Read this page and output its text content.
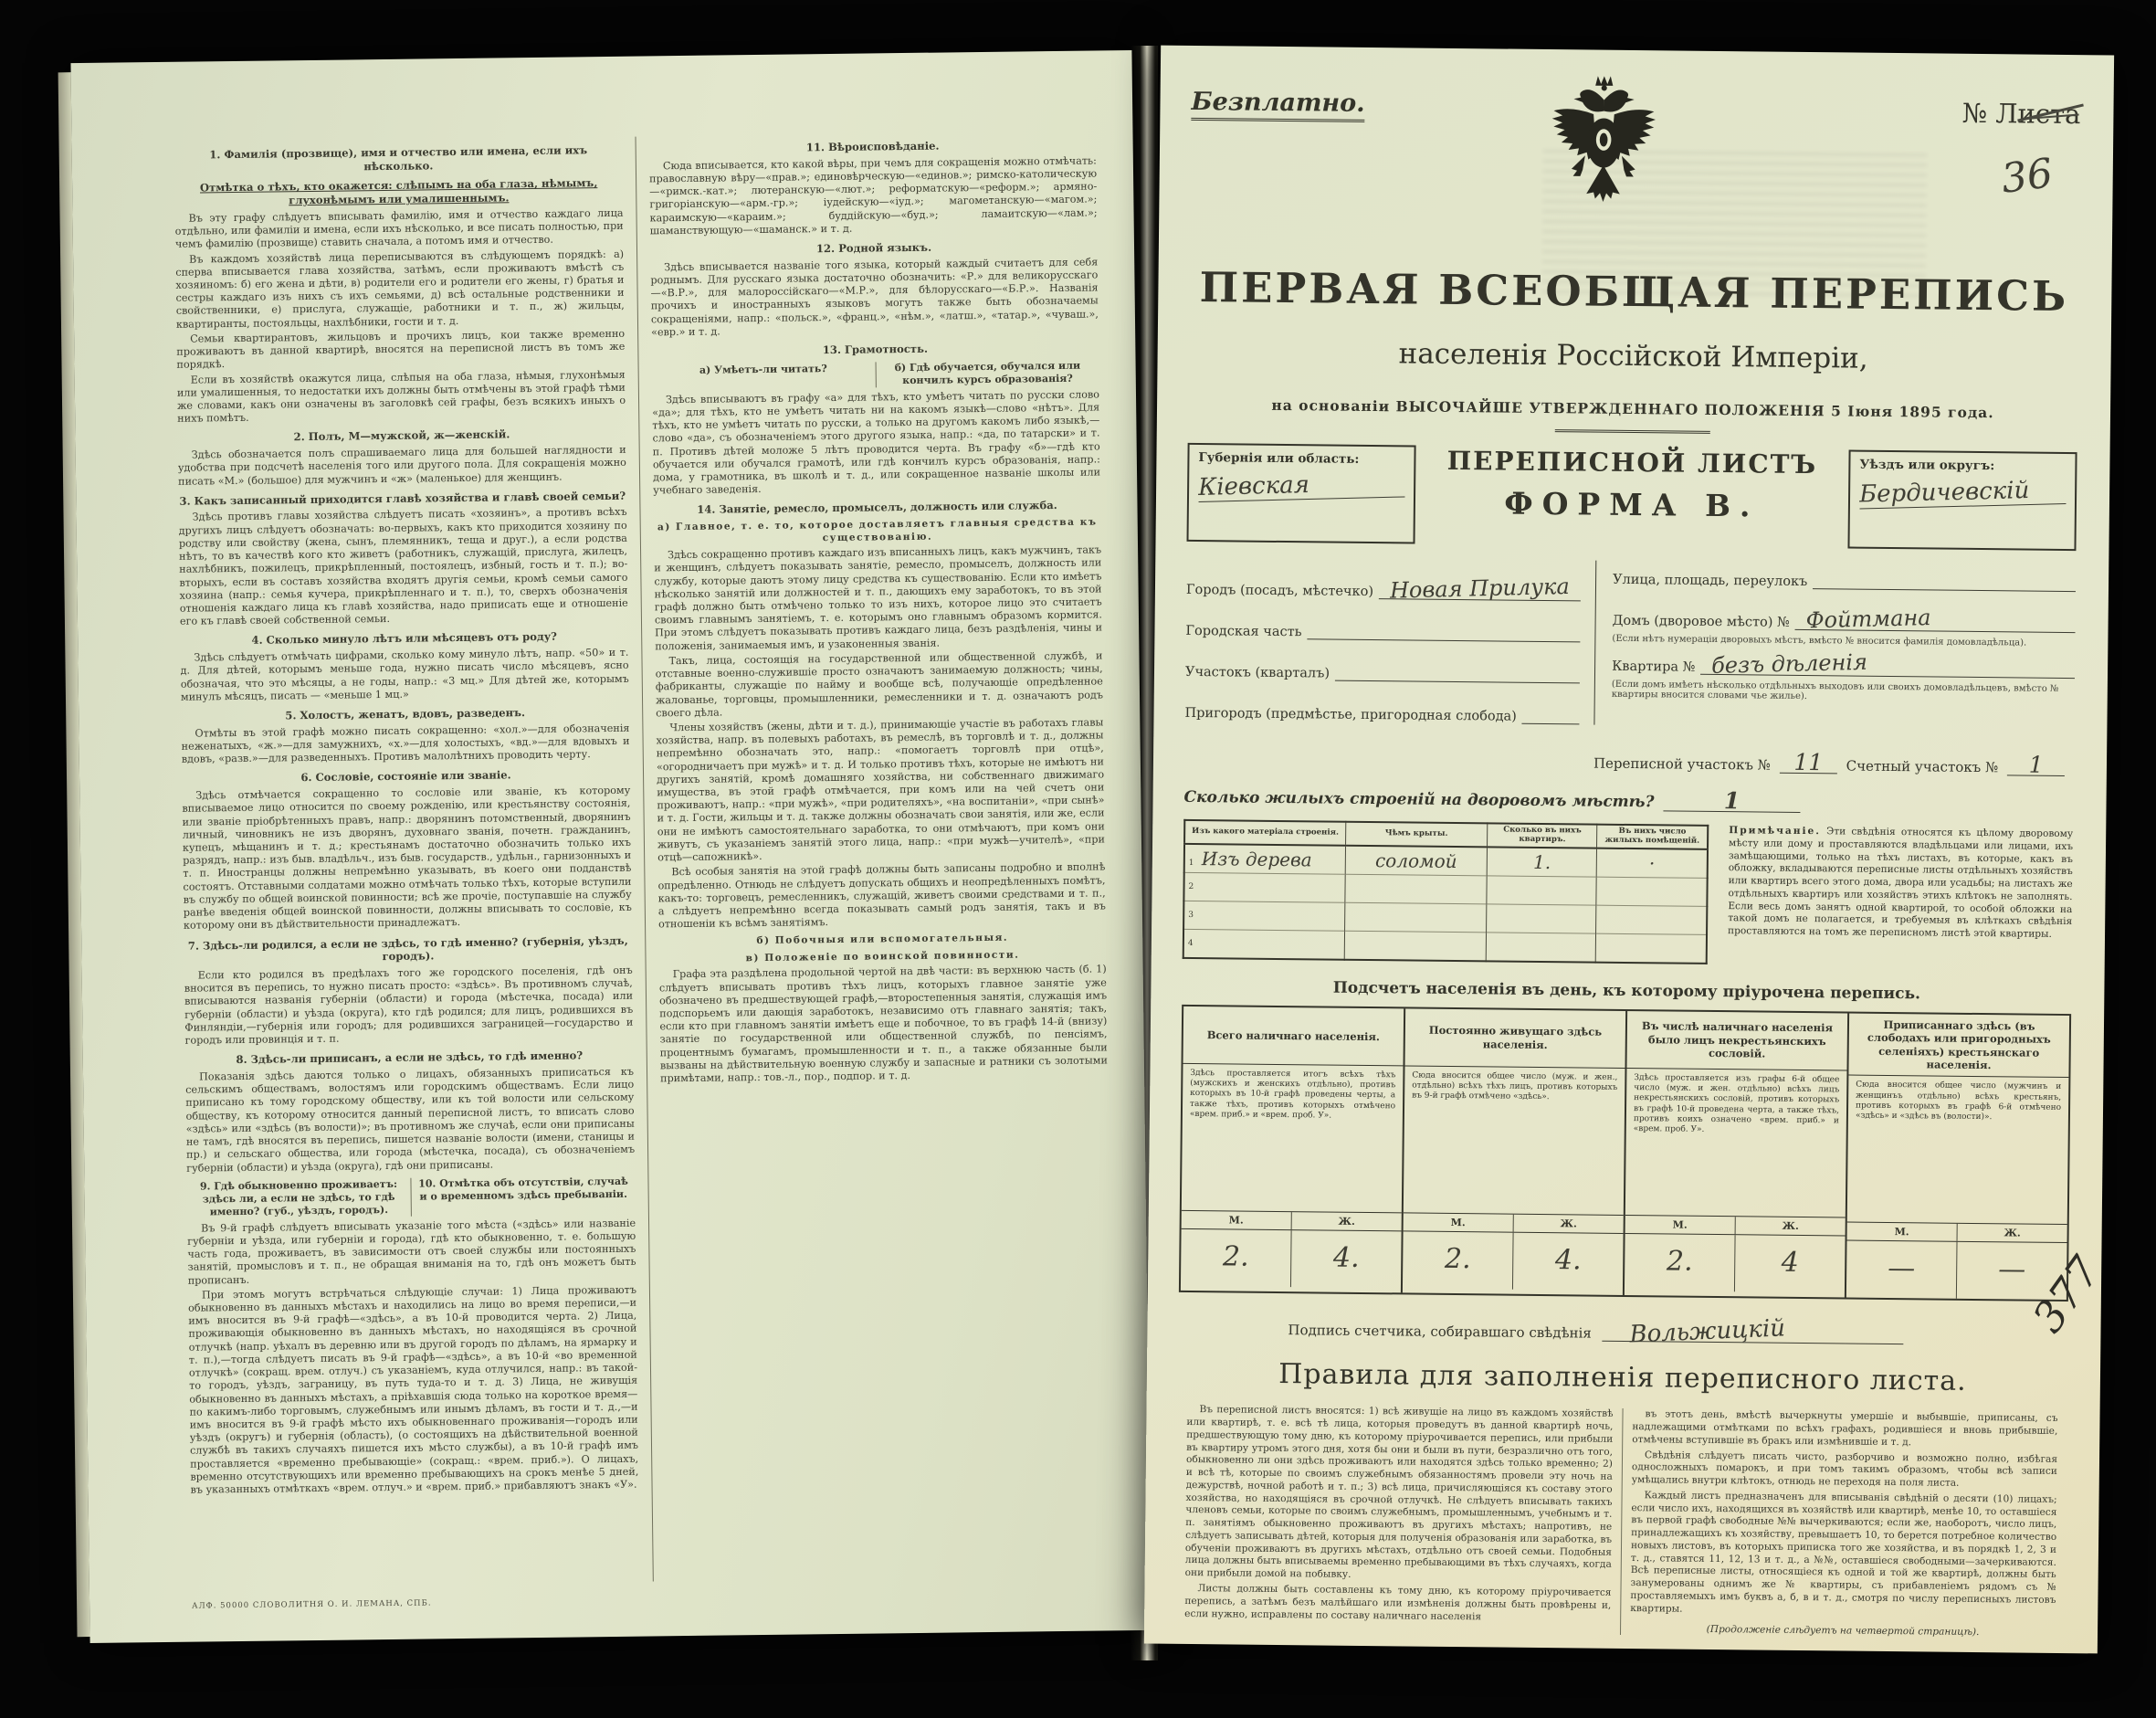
1. Фамилія (прозвище), имя и отчество или имена, если ихъ нѣсколько.
Отмѣтка о тѣхъ, кто окажется: слѣпымъ на оба глаза, нѣмымъ, глухонѣмымъ или умалишеннымъ.

Въ эту графу слѣдуетъ вписывать фамилію, имя и отчество каждаго лица отдѣльно, или фамиліи и имена, если ихъ нѣсколько, и все писать полностью, при чемъ фамилію (прозвище) ставить сначала, а потомъ имя и отчество.

Въ каждомъ хозяйствѣ лица переписываются въ слѣдующемъ порядкѣ: а) сперва вписывается глава хозяйства, затѣмъ, если проживаютъ вмѣстѣ съ хозяиномъ: б) его жена и дѣти, в) родители его и родители его жены, г) братья и сестры каждаго изъ нихъ съ ихъ семьями, д) всѣ остальные родственники и свойственники, е) прислуга, служащіе, работники и т. п., ж) жильцы, квартиранты, постояльцы, нахлѣбники, гости и т. д.

Семьи квартирантовъ, жильцовъ и прочихъ лицъ, кои также временно проживаютъ въ данной квартирѣ, вносятся на переписной листъ въ томъ же порядкѣ.

Если въ хозяйствѣ окажутся лица, слѣпыя на оба глаза, нѣмыя, глухонѣмыя или умалишенныя, то недостатки ихъ должны быть отмѣчены въ этой графѣ тѣми же словами, какъ они означены въ заголовкѣ сей графы, безъ всякихъ иныхъ о нихъ помѣтъ.

2. Полъ, М—мужской, ж—женскій.

Здѣсь обозначается полъ спрашиваемаго лица для большей наглядности и удобства при подсчетѣ населенія того или другого пола. Для сокращенія можно писать «М.» (большое) для мужчинъ и «ж» (маленькое) для женщинъ.

3. Какъ записанный приходится главѣ хозяйства и главѣ своей семьи?

Здѣсь противъ главы хозяйства слѣдуетъ писать «хозяинъ», а противъ всѣхъ другихъ лицъ слѣдуетъ обозначать: во-первыхъ, какъ кто приходится хозяину по родству или свойству (жена, сынъ, племянникъ, теща и друг.), а если родства нѣтъ, то въ качествѣ кого кто живетъ (работникъ, служащій, прислуга, жилецъ, нахлѣбникъ, пожилецъ, прикрѣпленный, постоялецъ, избный, гость и т. п.); во-вторыхъ, если въ составъ хозяйства входятъ другія семьи, кромѣ семьи самого хозяина (напр.: семья кучера, прикрѣпленнаго и т. п.), то, сверхъ обозначенія отношенія каждаго лица къ главѣ хозяйства, надо приписать еще и отношеніе его къ главѣ своей собственной семьи.

4. Сколько минуло лѣтъ или мѣсяцевъ отъ роду?

Здѣсь слѣдуетъ отмѣчать цифрами, сколько кому минуло лѣтъ, напр. «50» и т. д. Для дѣтей, которымъ меньше года, нужно писать число мѣсяцевъ, ясно обозначая, что это мѣсяцы, а не годы, напр.: «3 мц.» Для дѣтей же, которымъ минулъ мѣсяцъ, писать — «меньше 1 мц.»

5. Холостъ, женатъ, вдовъ, разведенъ.

Отмѣты въ этой графѣ можно писать сокращенно: «хол.»—для обозначенія неженатыхъ, «ж.»—для замужнихъ, «х.»—для холостыхъ, «вд.»—для вдовыхъ и вдовъ, «разв.»—для разведенныхъ. Противъ малолѣтнихъ проводить черту.

6. Сословіе, состояніе или званіе.

Здѣсь отмѣчается сокращенно то сословіе или званіе, къ которому вписываемое лицо относится по своему рожденію, или крестьянству состоянія, или званіе пріобрѣтенныхъ правъ, напр.: дворянинъ потомственный, дворянинъ личный, чиновникъ не изъ дворянъ, духовнаго званія, почетн. гражданинъ, купецъ, мѣщанинъ и т. д.; крестьянамъ достаточно обозначить только ихъ разрядъ, напр.: изъ быв. владѣльч., изъ быв. государств., удѣльн., гарнизонныхъ и т. п. Иностранцы должны непремѣнно указывать, въ коего они подданствѣ состоятъ. Отставными солдатами можно отмѣчать только тѣхъ, которые вступили въ службу по общей воинской повинности; всѣ же прочіе, поступавшіе на службу ранѣе введенія общей воинской повинности, должны вписывать то сословіе, къ которому они въ дѣйствительности принадлежатъ.

7. Здѣсь-ли родился, а если не здѣсь, то гдѣ именно? (губернія, уѣздъ, городъ).

Если кто родился въ предѣлахъ того же городского поселенія, гдѣ онъ вносится въ перепись, то нужно писать просто: «здѣсь». Въ противномъ случаѣ, вписываются названія губерніи (области) и города (мѣстечка, посада) или губерніи (области) и уѣзда (округа), кто гдѣ родился; для лицъ, родившихся въ Финляндіи,—губернія или городъ; для родившихся заграницей—государство и городъ или провинція и т. п.

8. Здѣсь-ли приписанъ, а если не здѣсь, то гдѣ именно?

Показанія здѣсь даются только о лицахъ, обязанныхъ приписаться къ сельскимъ обществамъ, волостямъ или городскимъ обществамъ. Если лицо приписано къ тому городскому обществу, или къ той волости или сельскому обществу, къ которому относится данный переписной листъ, то вписать слово «здѣсь» или «здѣсь (въ волости)»; въ противномъ же случаѣ, если они приписаны не тамъ, гдѣ вносятся въ перепись, пишется названіе волости (имени, станицы и пр.) и сельскаго общества, или города (мѣстечка, посада), съ обозначеніемъ губерніи (области) и уѣзда (округа), гдѣ они приписаны.

9. Гдѣ обыкновенно проживаетъ: здѣсь ли, а если не здѣсь, то гдѣ именно? (губ., уѣздъ, городъ).
10. Отмѣтка объ отсутствіи, случаѣ и о временномъ здѣсь пребываніи.

Въ 9-й графѣ слѣдуетъ вписывать указаніе того мѣста («здѣсь» или названіе губерніи и уѣзда, или губерніи и города), гдѣ кто обыкновенно, т. е. большую часть года, проживаетъ, въ зависимости отъ своей службы или постоянныхъ занятій, промысловъ и т. п., не обращая вниманія на то, гдѣ онъ можетъ быть прописанъ.

При этомъ могутъ встрѣчаться слѣдующіе случаи: 1) Лица проживаютъ обыкновенно въ данныхъ мѣстахъ и находились на лицо во время переписи,—и имъ вносится въ 9-й графѣ—«здѣсь», а въ 10-й проводится черта. 2) Лица, проживающія обыкновенно въ данныхъ мѣстахъ, но находящіяся въ срочной отлучкѣ (напр. уѣхалъ въ деревню или въ другой городъ по дѣламъ, на ярмарку и т. п.),—тогда слѣдуетъ писать въ 9-й графѣ—«здѣсь», а въ 10-й «во временной отлучкѣ» (сокращ. врем. отлуч.) съ указаніемъ, куда отлучился, напр.: въ такой-то городъ, уѣздъ, заграницу, въ путь туда-то и т. д. 3) Лица, не живущія обыкновенно въ данныхъ мѣстахъ, а пріѣхавшія сюда только на короткое время—по какимъ-либо торговымъ, служебнымъ или инымъ дѣламъ, въ гости и т. д.,—и имъ вносится въ 9-й графѣ мѣсто ихъ обыкновеннаго проживанія—городъ или уѣздъ (округъ) и губернія (область), (о состоящихъ на дѣйствительной военной службѣ въ такихъ случаяхъ пишется ихъ мѣсто службы), а въ 10-й графѣ имъ проставляется «временно пребывающіе» (сокращ.: «врем. приб.»). О лицахъ, временно отсутствующихъ или временно пребывающихъ на срокъ менѣе 5 дней, въ указанныхъ отмѣткахъ «врем. отлуч.» и «врем. приб.» прибавляютъ знакъ «У».

11. Вѣроисповѣданіе.

Сюда вписывается, кто какой вѣры, при чемъ для сокращенія можно отмѣчать: православную вѣру—«прав.»; единовѣрческую—«единов.»; римско-католическую—«римск.-кат.»; лютеранскую—«лют.»; реформатскую—«реформ.»; армяно-григоріанскую—«арм.-гр.»; іудейскую—«іуд.»; магометанскую—«магом.»; караимскую—«караим.»; буддійскую—«буд.»; ламаитскую—«лам.»; шаманствующую—«шаманск.» и т. д.

12. Родной языкъ.

Здѣсь вписывается названіе того языка, который каждый считаетъ для себя роднымъ. Для русскаго языка достаточно обозначить: «Р.» для великорусскаго—«В.Р.», для малороссійскаго—«М.Р.», для бѣлорусскаго—«Б.Р.». Названія прочихъ и иностранныхъ языковъ могутъ также быть обозначаемы сокращеніями, напр.: «польск.», «франц.», «нѣм.», «латш.», «татар.», «чуваш.», «евр.» и т. д.

13. Грамотность.
а) Умѣетъ-ли читать?	б) Гдѣ обучается, обучался или кончилъ курсъ образованія?

Здѣсь вписываютъ въ графу «а» для тѣхъ, кто умѣетъ читать по русски слово «да»; для тѣхъ, кто не умѣетъ читать ни на какомъ языкѣ—слово «нѣтъ». Для тѣхъ, кто не умѣетъ читать по русски, а только на другомъ какомъ либо языкѣ,—слово «да», съ обозначеніемъ этого другого языка, напр.: «да, по татарски» и т. п. Противъ дѣтей моложе 5 лѣтъ проводится черта. Въ графу «б»—гдѣ кто обучается или обучался грамотѣ, или гдѣ кончилъ курсъ образованія, напр.: дома, у грамотника, въ школѣ и т. д., или сокращенное названіе школы или учебнаго заведенія.

14. Занятіе, ремесло, промыселъ, должность или служба.
а) Главное, т. е. то, которое доставляетъ главныя средства къ существованію.

Здѣсь сокращенно противъ каждаго изъ вписанныхъ лицъ, какъ мужчинъ, такъ и женщинъ, слѣдуетъ показывать занятіе, ремесло, промыселъ, должность или службу, которые даютъ этому лицу средства къ существованію. Если кто имѣетъ нѣсколько занятій или должностей и т. п., дающихъ ему заработокъ, то въ этой графѣ должно быть отмѣчено только то изъ нихъ, которое лицо это считаетъ своимъ главнымъ занятіемъ, т. е. которымъ оно главнымъ образомъ кормится. При этомъ слѣдуетъ показывать противъ каждаго лица, безъ раздѣленія, чины и положенія, занимаемыя имъ, и узаконенныя званія.

Такъ, лица, состоящія на государственной или общественной службѣ, и отставные военно-служившіе просто означаютъ занимаемую должность; чины, фабриканты, служащіе по найму и вообще всѣ, получающіе опредѣленное жалованье, торговцы, промышленники, ремесленники и т. д. означаютъ родъ своего дѣла.

Члены хозяйствъ (жены, дѣти и т. д.), принимающіе участіе въ работахъ главы хозяйства, напр. въ полевыхъ работахъ, въ ремеслѣ, въ торговлѣ и т. д., должны непремѣнно обозначать это, напр.: «помогаетъ торговлѣ при отцѣ», «огородничаетъ при мужѣ» и т. д. И только противъ тѣхъ, которые не имѣютъ ни другихъ занятій, кромѣ домашняго хозяйства, ни собственнаго движимаго имущества, въ этой графѣ отмѣчается, при комъ или на чей счетъ они проживаютъ, напр.: «при мужѣ», «при родителяхъ», «на воспитаніи», «при сынѣ» и т. д. Гости, жильцы и т. д. также должны обозначать свои занятія, или же, если они не имѣютъ самостоятельнаго заработка, то они отмѣчаютъ, при комъ они живутъ, съ указаніемъ занятій этого лица, напр.: «при мужѣ—учителѣ», «при отцѣ—сапожникѣ».

Всѣ особыя занятія на этой графѣ должны быть записаны подробно и вполнѣ опредѣленно. Отнюдь не слѣдуетъ допускать общихъ и неопредѣленныхъ помѣтъ, какъ-то: торговецъ, ремесленникъ, служащій, живетъ своими средствами и т. п., а слѣдуетъ непремѣнно всегда показывать самый родъ занятія, такъ и въ отношеніи къ всѣмъ занятіямъ.

б) Побочныя или вспомогательныя.
в) Положеніе по воинской повинности.

Графа эта раздѣлена продольной чертой на двѣ части: въ верхнюю часть (б. 1) слѣдуетъ вписывать противъ тѣхъ лицъ, которыхъ главное занятіе уже обозначено въ предшествующей графѣ,—второстепенныя занятія, служащія имъ подспорьемъ или дающія заработокъ, независимо отъ главнаго занятія; такъ, если кто при главномъ занятіи имѣетъ еще и побочное, то въ графѣ 14-й (внизу) занятіе по государственной или общественной службѣ, по пенсіямъ, процентнымъ бумагамъ, промышленности и т. п., а также обязанные были вызваны на дѣйствительную военную службу и запасные и ратники съ золотыми примѣтами, напр.: тов.-л., пор., подпор. и т. д.

АЛФ. 50000 СЛОВОЛИТНЯ О. И. ЛЕМАНА, СПБ.
Безплатно.	№ Листа

36
ПЕРВАЯ ВСЕОБЩАЯ ПЕРЕПИСЬ
населенія Россійской Имперіи,
на основаніи ВЫСОЧАЙШЕ УТВЕРЖДЕННАГО ПОЛОЖЕНІЯ 5 Іюня 1895 года.
Губернія или область:
Кіевская
ПЕРЕПИСНОЙ ЛИСТЪ
ФОРМА В.
Уѣздъ или округъ:
Бердичевскій
Городъ (посадъ, мѣстечко) Новая Прилука
Городская часть
Участокъ (кварталъ)
Пригородъ (предмѣстье, пригородная слобода)
Улица, площадь, переулокъ
Домъ (дворовое мѣсто) № Фойтмана
(Если нѣтъ нумераціи дворовыхъ мѣстъ, вмѣсто № вносится фамилія домовладѣльца).
Квартира № безъ дѣленія
(Если домъ имѣетъ нѣсколько отдѣльныхъ выходовъ или своихъ домовладѣльцевъ, вмѣсто № квартиры вносится словами чье жилье).
Переписной участокъ №	11	Счетный участокъ №	1
Сколько жилыхъ строеній на дворовомъ мѣстѣ?	1
Изъ какого матеріала строенія.	Чѣмъ крыты.	Сколько въ нихъ квартиръ.	Въ нихъ число жилыхъ помѣщеній.
1 Изъ дерева	соломой	1.	·
2			
3			
4			
Примѣчаніе. Эти свѣдѣнія относятся къ цѣлому дворовому мѣсту или дому и проставляются владѣльцами или лицами, ихъ замѣщающими, только на тѣхъ листахъ, въ которые, какъ въ обложку, вкладываются переписные листы отдѣльныхъ хозяйствъ или квартиръ всего этого дома, двора или усадьбы; на листахъ же отдѣльныхъ квартиръ или хозяйствъ этихъ клѣтокъ не заполнять. Если весь домъ занятъ одной квартирой, то особой обложки на такой домъ не полагается, и требуемыя въ клѣткахъ свѣдѣнія проставляются на томъ же переписномъ листѣ этой квартиры.
Подсчетъ населенія въ день, къ которому пріурочена перепись.
Всего наличнаго населенія.
Здѣсь проставляется итогъ всѣхъ тѣхъ (мужскихъ и женскихъ отдѣльно), противъ которыхъ въ 10-й графѣ проведены черты, а также тѣхъ, противъ которыхъ отмѣчено «врем. приб.» и «врем. проб. У».
М.	Ж.
2.	4.
Постоянно живущаго здѣсь населенія.
Сюда вносится общее число (муж. и жен., отдѣльно) всѣхъ тѣхъ лицъ, противъ которыхъ въ 9-й графѣ отмѣчено «здѣсь».
М.	Ж.
2.	4.
Въ числѣ наличнаго населенія было лицъ некрестьянскихъ сословій.
Здѣсь проставляется изъ графы 6-й общее число (муж. и жен. отдѣльно) всѣхъ лицъ некрестьянскихъ сословій, противъ которыхъ въ графѣ 10-й проведена черта, а также тѣхъ, противъ коихъ означено «врем. приб.» и «врем. проб. У».
М.	Ж.
2.	4
Приписаннаго здѣсь (въ слободахъ или пригородныхъ селеніяхъ) крестьянскаго населенія.
Сюда вносится общее число (мужчинъ и женщинъъ отдѣльно) всѣхъ крестьянъ, противъ которыхъ въ графѣ 6-й отмѣчено «здѣсь» и «здѣсь въ (волости)».
М.	Ж.
—	—
Подпись счетчика, собиравшаго свѣдѣнія Вольжицкій
Правила для заполненія переписного листа.

Въ переписной листъ вносятся: 1) всѣ живущіе на лицо въ каждомъ хозяйствѣ или квартирѣ, т. е. всѣ тѣ лица, которыя проведутъ въ данной квартирѣ ночь, предшествующую тому дню, къ которому пріурочивается перепись, или прибыли въ квартиру утромъ этого дня, хотя бы они и были въ пути, безразлично отъ того, обыкновенно ли они здѣсь проживаютъ или находятся здѣсь только временно; 2) и всѣ тѣ, которые по своимъ служебнымъ обязанностямъ провели эту ночь на дежурствѣ, ночной работѣ и т. п.; 3) всѣ лица, причисляющіяся къ составу этого хозяйства, но находящіяся въ срочной отлучкѣ. Не слѣдуетъ вписывать такихъ членовъ семьи, которые по своимъ служебнымъ, промышленнымъ, учебнымъ и т. п. занятіямъ обыкновенно проживаютъ въ другихъ мѣстахъ; напротивъ, не слѣдуетъ записывать дѣтей, которыя для полученія образованія или заработка, въ обученіи проживаютъ въ другихъ мѣстахъ, отдѣльно отъ своей семьи. Подобныя лица должны быть вписываемы временно пребывающими въ тѣхъ случаяхъ, когда они прибыли домой на побывку.

Листы должны быть составлены къ тому дню, къ которому пріурочивается перепись, а затѣмъ безъ малѣйшаго или измѣненія должны быть провѣрены и, если нужно, исправлены по составу наличнаго населенія

въ этотъ день, вмѣстѣ вычеркнуты умершіе и выбывшіе, приписаны, съ надлежащими отмѣтками по всѣхъ графахъ, родившіеся и вновь прибывшіе, отмѣчены вступившіе въ бракъ или измѣнившіе и т. д.

Свѣдѣнія слѣдуетъ писать чисто, разборчиво и возможно полно, избѣгая односложныхъ помарокъ, и при томъ такимъ образомъ, чтобы всѣ записи умѣщались внутри клѣтокъ, отнюдь не переходя на поля листа.

Каждый листъ предназначенъ для вписыванія свѣдѣній о десяти (10) лицахъ; если число ихъ, находящихся въ хозяйствѣ или квартирѣ, менѣе 10, то оставшіеся въ первой графѣ свободные №№ вычеркиваются; если же, наоборотъ, число лицъ, принадлежащихъ къ хозяйству, превышаетъ 10, то берется потребное количество новыхъ листовъ, въ которыхъ приписка того же хозяйства, и въ порядкѣ 1, 2, 3 и т. д., ставятся 11, 12, 13 и т. д., а №№, оставшіеся свободными—зачеркиваются. Всѣ переписные листы, относящіеся къ одной и той же квартирѣ, должны быть занумерованы однимъ же № квартиры, съ прибавленіемъ рядомъ съ № проставляемыхъ имъ буквъ а, б, в и т. д., смотря по числу переписныхъ листовъ квартиры.

(Продолженіе слѣдуетъ на четвертой страницѣ).
377
